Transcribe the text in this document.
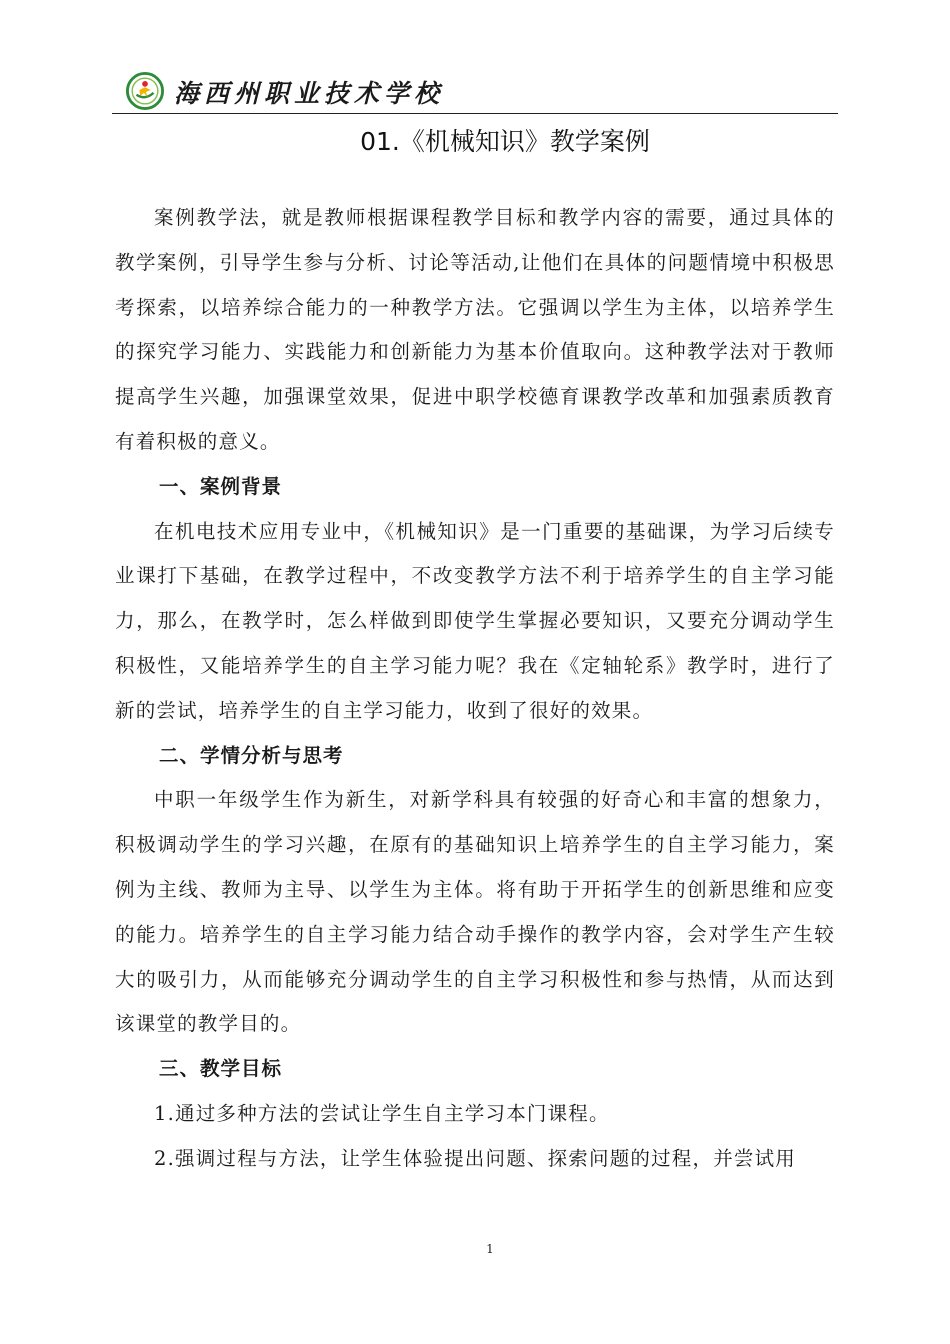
海西州职业技术学校
01.《机械知识》教学案例

案例教学法，就是教师根据课程教学目标和教学内容的需要，通过具体的教学案例，引导学生参与分析、讨论等活动,让他们在具体的问题情境中积极思考探索，以培养综合能力的一种教学方法。它强调以学生为主体，以培养学生的探究学习能力、实践能力和创新能力为基本价值取向。这种教学法对于教师提高学生兴趣，加强课堂效果，促进中职学校德育课教学改革和加强素质教育有着积极的意义。

一、案例背景

在机电技术应用专业中，《机械知识》是一门重要的基础课，为学习后续专业课打下基础，在教学过程中，不改变教学方法不利于培养学生的自主学习能力，那么，在教学时，怎么样做到即使学生掌握必要知识，又要充分调动学生积极性，又能培养学生的自主学习能力呢？我在《定轴轮系》教学时，进行了新的尝试，培养学生的自主学习能力，收到了很好的效果。

二、学情分析与思考

中职一年级学生作为新生，对新学科具有较强的好奇心和丰富的想象力，积极调动学生的学习兴趣，在原有的基础知识上培养学生的自主学习能力，案例为主线、教师为主导、以学生为主体。将有助于开拓学生的创新思维和应变的能力。培养学生的自主学习能力结合动手操作的教学内容，会对学生产生较大的吸引力，从而能够充分调动学生的自主学习积极性和参与热情，从而达到该课堂的教学目的。

三、教学目标

1.通过多种方法的尝试让学生自主学习本门课程。

2.强调过程与方法，让学生体验提出问题、探索问题的过程，并尝试用

1
